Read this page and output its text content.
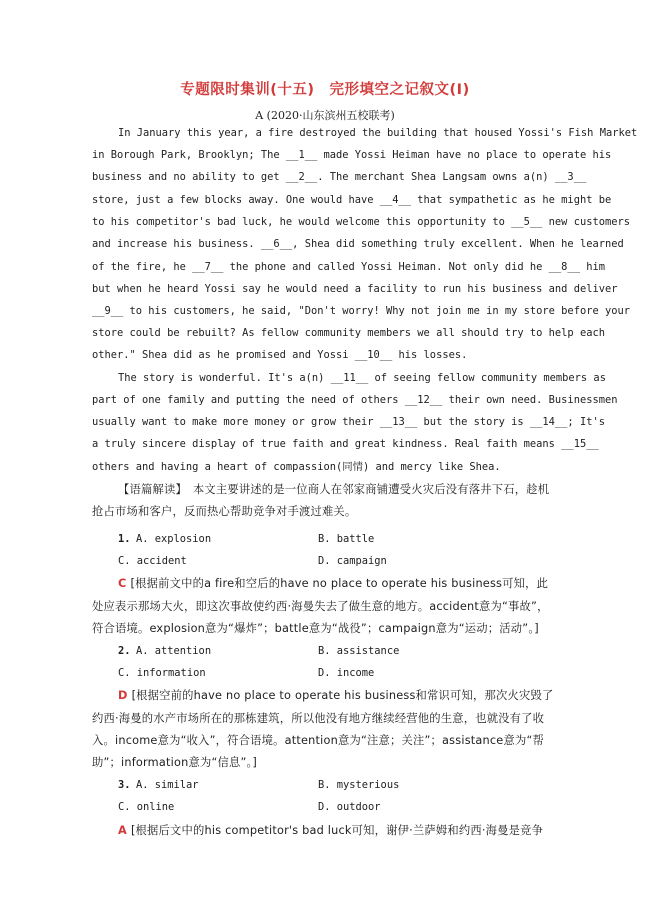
专题限时集训(十五)　完形填空之记叙文(Ⅰ)
A (2020·山东滨州五校联考)
In January this year, a fire destroyed the building that housed Yossi's Fish Market
in Borough Park, Brooklyn; The __1__ made Yossi Heiman have no place to operate his
business and no ability to get __2__. The merchant Shea Langsam owns a(n) __3__
store, just a few blocks away. One would have __4__ that sympathetic as he might be
to his competitor's bad luck, he would welcome this opportunity to __5__ new customers
and increase his business. __6__, Shea did something truly excellent. When he learned
of the fire, he __7__ the phone and called Yossi Heiman. Not only did he __8__ him
but when he heard Yossi say he would need a facility to run his business and deliver
__9__ to his customers, he said, "Don't worry! Why not join me in my store before your
store could be rebuilt? As fellow community members we all should try to help each
other." Shea did as he promised and Yossi __10__ his losses.
The story is wonderful. It's a(n) __11__ of seeing fellow community members as
part of one family and putting the need of others __12__ their own need. Businessmen
usually want to make more money or grow their __13__ but the story is __14__; It's
a truly sincere display of true faith and great kindness. Real faith means __15__
others and having a heart of compassion(同情) and mercy like Shea.
【语篇解读】　本文主要讲述的是一位商人在邻家商铺遭受火灾后没有落井下石，趁机
抢占市场和客户，反而热心帮助竞争对手渡过难关。
1. A. explosion	B. battle
C. accident	D. campaign
C [根据前文中的a fire和空后的have no place to operate his business可知，此
处应表示那场大火，即这次事故使约西·海曼失去了做生意的地方。accident意为“事故”，
符合语境。explosion意为“爆炸”；battle意为“战役”；campaign意为“运动；活动”。]
2. A. attention	B. assistance
C. information	D. income
D [根据空前的have no place to operate his business和常识可知，那次火灾毁了
约西·海曼的水产市场所在的那栋建筑，所以他没有地方继续经营他的生意，也就没有了收
入。income意为“收入”，符合语境。attention意为“注意；关注”；assistance意为“帮
助”；information意为“信息”。]
3. A. similar	B. mysterious
C. online	D. outdoor
A [根据后文中的his competitor's bad luck可知，谢伊·兰萨姆和约西·海曼是竞争
